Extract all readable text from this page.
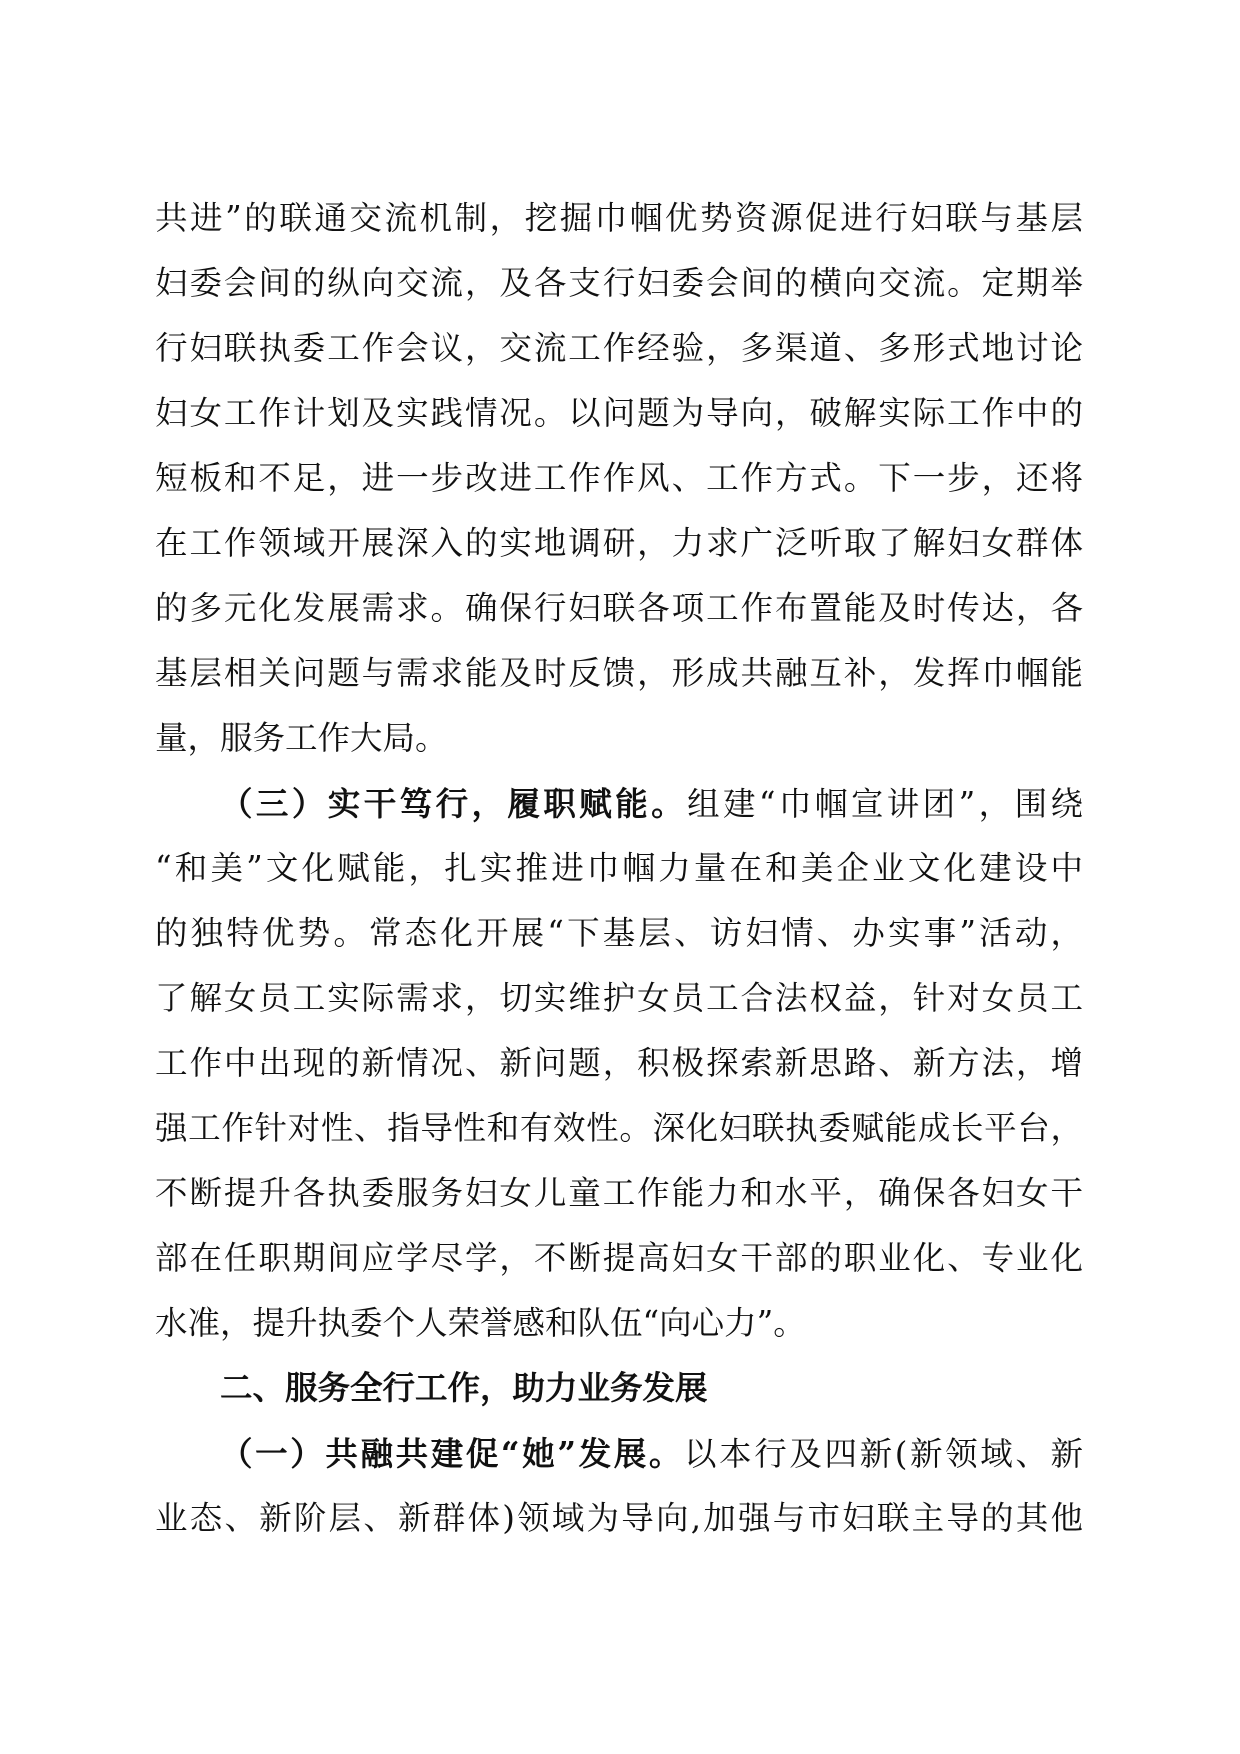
共进”的联通交流机制，挖掘巾帼优势资源促进行妇联与基层
妇委会间的纵向交流，及各支行妇委会间的横向交流。定期举
行妇联执委工作会议，交流工作经验，多渠道、多形式地讨论
妇女工作计划及实践情况。以问题为导向，破解实际工作中的
短板和不足，进一步改进工作作风、工作方式。下一步，还将
在工作领域开展深入的实地调研，力求广泛听取了解妇女群体
的多元化发展需求。确保行妇联各项工作布置能及时传达，各
基层相关问题与需求能及时反馈，形成共融互补，发挥巾帼能
量，服务工作大局。
（三）实干笃行，履职赋能。组建“巾帼宣讲团”，围绕
“和美”文化赋能，扎实推进巾帼力量在和美企业文化建设中
的独特优势。常态化开展“下基层、访妇情、办实事”活动，
了解女员工实际需求，切实维护女员工合法权益，针对女员工
工作中出现的新情况、新问题，积极探索新思路、新方法，增
强工作针对性、指导性和有效性。深化妇联执委赋能成长平台，
不断提升各执委服务妇女儿童工作能力和水平，确保各妇女干
部在任职期间应学尽学，不断提高妇女干部的职业化、专业化
水准，提升执委个人荣誉感和队伍“向心力”。
二、服务全行工作，助力业务发展
（一）共融共建促“她”发展。以本行及四新(新领域、新
业态、新阶层、新群体)领域为导向,加强与市妇联主导的其他
